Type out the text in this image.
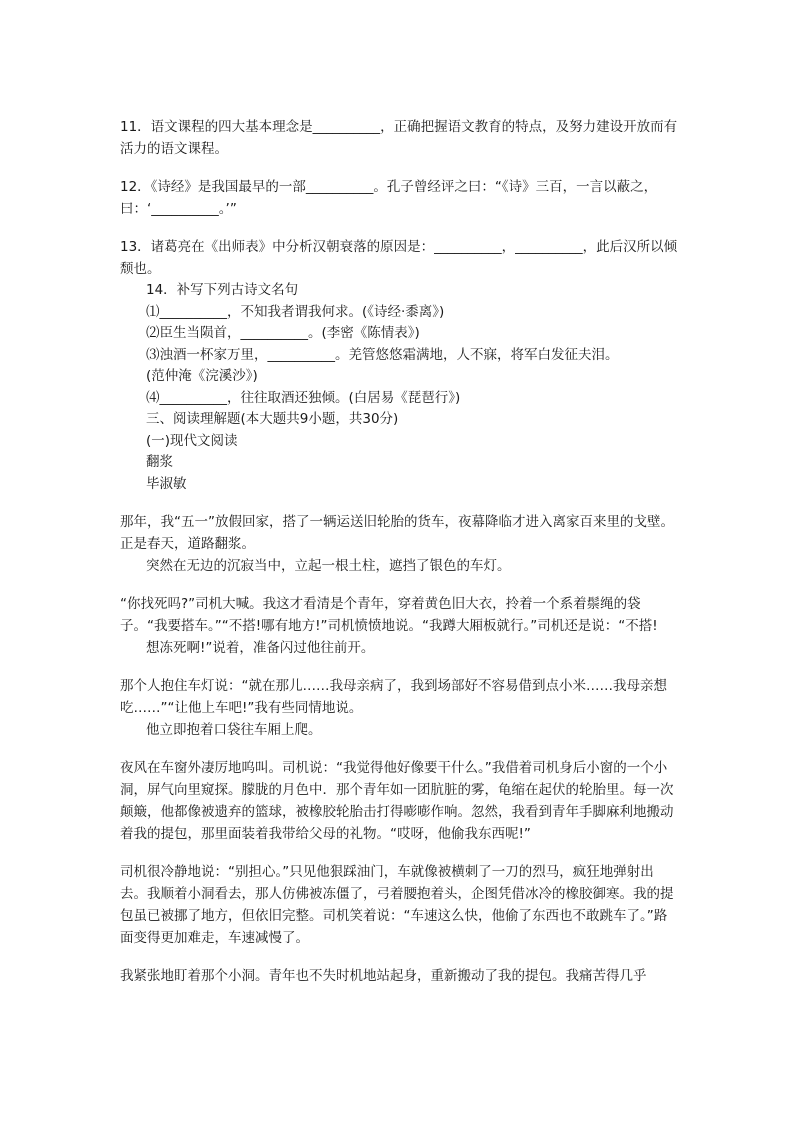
11．语文课程的四大基本理念是__________，正确把握语文教育的特点，及努力建设开放而有活力的语文课程。

12．《诗经》是我国最早的一部__________。孔子曾经评之曰：“《诗》三百，一言以蔽之，曰：‘__________。’”

13．诸葛亮在《出师表》中分析汉朝衰落的原因是：__________，__________，此后汉所以倾颓也。

14．补写下列古诗文名句

⑴__________，不知我者谓我何求。(《诗经·黍离》)

⑵臣生当陨首，__________。(李密《陈情表》)

⑶浊酒一杯家万里，__________。羌管悠悠霜满地，人不寐，将军白发征夫泪。

(范仲淹《浣溪沙》)

⑷__________，往往取酒还独倾。(白居易《琵琶行》)

三、阅读理解题(本大题共9小题，共30分)

(一)现代文阅读

翻浆

毕淑敏

那年，我“五一”放假回家，搭了一辆运送旧轮胎的货车，夜幕降临才进入离家百来里的戈壁。正是春天，道路翻浆。

突然在无边的沉寂当中，立起一根土柱，遮挡了银色的车灯。

“你找死吗?”司机大喊。我这才看清是个青年，穿着黄色旧大衣，拎着一个系着鬃绳的袋子。“我要搭车。”“不搭!哪有地方!”司机愤愤地说。“我蹲大厢板就行。”司机还是说：“不搭!

想冻死啊!”说着，准备闪过他往前开。

那个人抱住车灯说：“就在那儿……我母亲病了，我到场部好不容易借到点小米……我母亲想吃……”“让他上车吧!”我有些同情地说。

他立即抱着口袋往车厢上爬。

夜风在车窗外凄厉地呜叫。司机说：“我觉得他好像要干什么。”我借着司机身后小窗的一个小洞，屏气向里窥探。朦胧的月色中．那个青年如一团肮脏的雾，龟缩在起伏的轮胎里。每一次颠簸，他都像被遗弃的篮球，被橡胶轮胎击打得嘭嘭作响。忽然，我看到青年手脚麻利地搬动着我的提包，那里面装着我带给父母的礼物。“哎呀，他偷我东西呢!”

司机很冷静地说：“别担心。”只见他狠踩油门，车就像被横刺了一刀的烈马，疯狂地弹射出去。我顺着小洞看去，那人仿佛被冻僵了，弓着腰抱着头，企图凭借冰冷的橡胶御寒。我的提包虽已被挪了地方，但依旧完整。司机笑着说：“车速这么快，他偷了东西也不敢跳车了。”路面变得更加难走，车速减慢了。

我紧张地盯着那个小洞。青年也不失时机地站起身，重新搬动了我的提包。我痛苦得几乎
